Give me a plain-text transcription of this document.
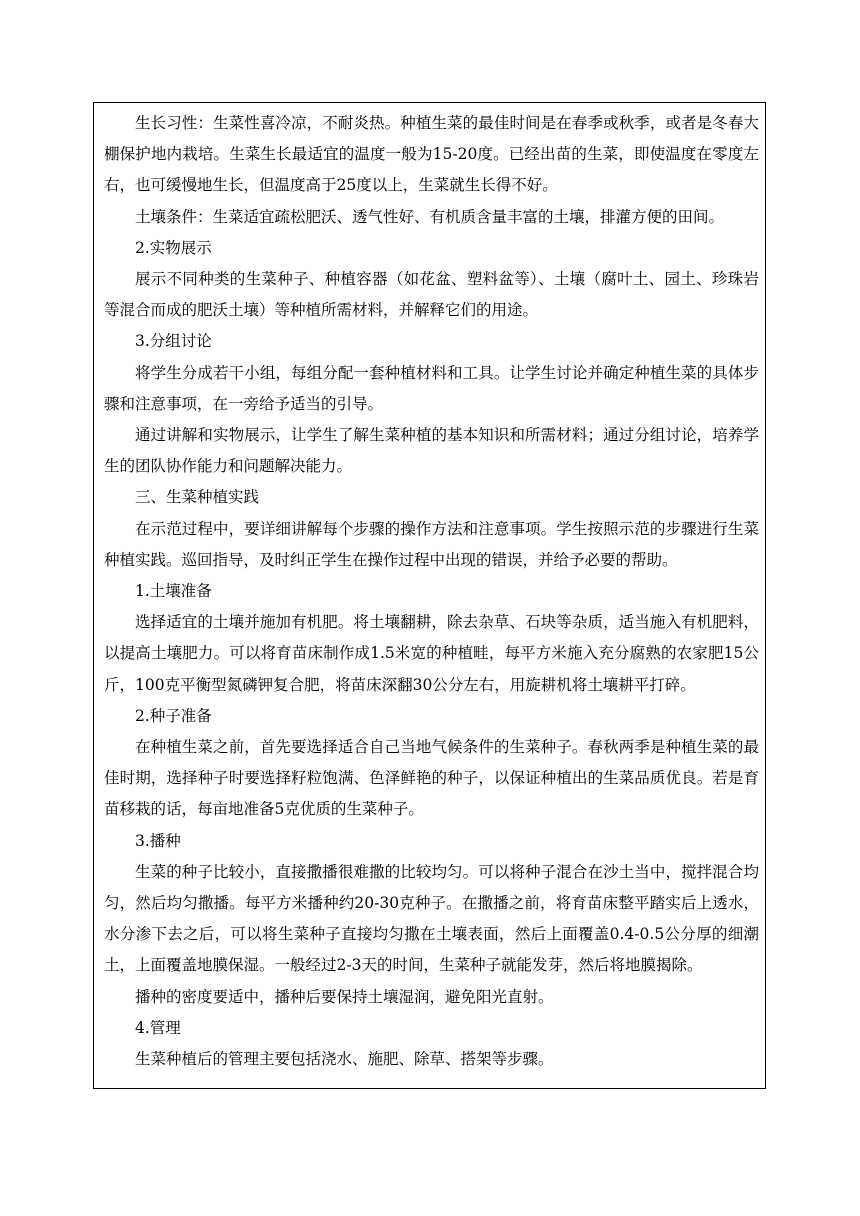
生长习性：生菜性喜冷凉，不耐炎热。种植生菜的最佳时间是在春季或秋季，或者是冬春大棚保护地内栽培。生菜生长最适宜的温度一般为15-20度。已经出苗的生菜，即使温度在零度左右，也可缓慢地生长，但温度高于25度以上，生菜就生长得不好。

土壤条件：生菜适宜疏松肥沃、透气性好、有机质含量丰富的土壤，排灌方便的田间。

2.实物展示

展示不同种类的生菜种子、种植容器（如花盆、塑料盆等）、土壤（腐叶土、园土、珍珠岩等混合而成的肥沃土壤）等种植所需材料，并解释它们的用途。

3.分组讨论

将学生分成若干小组，每组分配一套种植材料和工具。让学生讨论并确定种植生菜的具体步骤和注意事项，在一旁给予适当的引导。

通过讲解和实物展示，让学生了解生菜种植的基本知识和所需材料；通过分组讨论，培养学生的团队协作能力和问题解决能力。

三、生菜种植实践

在示范过程中，要详细讲解每个步骤的操作方法和注意事项。学生按照示范的步骤进行生菜种植实践。巡回指导，及时纠正学生在操作过程中出现的错误，并给予必要的帮助。

1.土壤准备

选择适宜的土壤并施加有机肥。将土壤翻耕，除去杂草、石块等杂质，适当施入有机肥料，以提高土壤肥力。可以将育苗床制作成1.5米宽的种植畦，每平方米施入充分腐熟的农家肥15公斤，100克平衡型氮磷钾复合肥，将苗床深翻30公分左右，用旋耕机将土壤耕平打碎。

2.种子准备

在种植生菜之前，首先要选择适合自己当地气候条件的生菜种子。春秋两季是种植生菜的最佳时期，选择种子时要选择籽粒饱满、色泽鲜艳的种子，以保证种植出的生菜品质优良。若是育苗移栽的话，每亩地准备5克优质的生菜种子。

3.播种

生菜的种子比较小，直接撒播很难撒的比较均匀。可以将种子混合在沙土当中，搅拌混合均匀，然后均匀撒播。每平方米播种约20-30克种子。在撒播之前，将育苗床整平踏实后上透水，水分渗下去之后，可以将生菜种子直接均匀撒在土壤表面，然后上面覆盖0.4-0.5公分厚的细潮土，上面覆盖地膜保湿。一般经过2-3天的时间，生菜种子就能发芽，然后将地膜揭除。

播种的密度要适中，播种后要保持土壤湿润，避免阳光直射。

4.管理

生菜种植后的管理主要包括浇水、施肥、除草、搭架等步骤。
